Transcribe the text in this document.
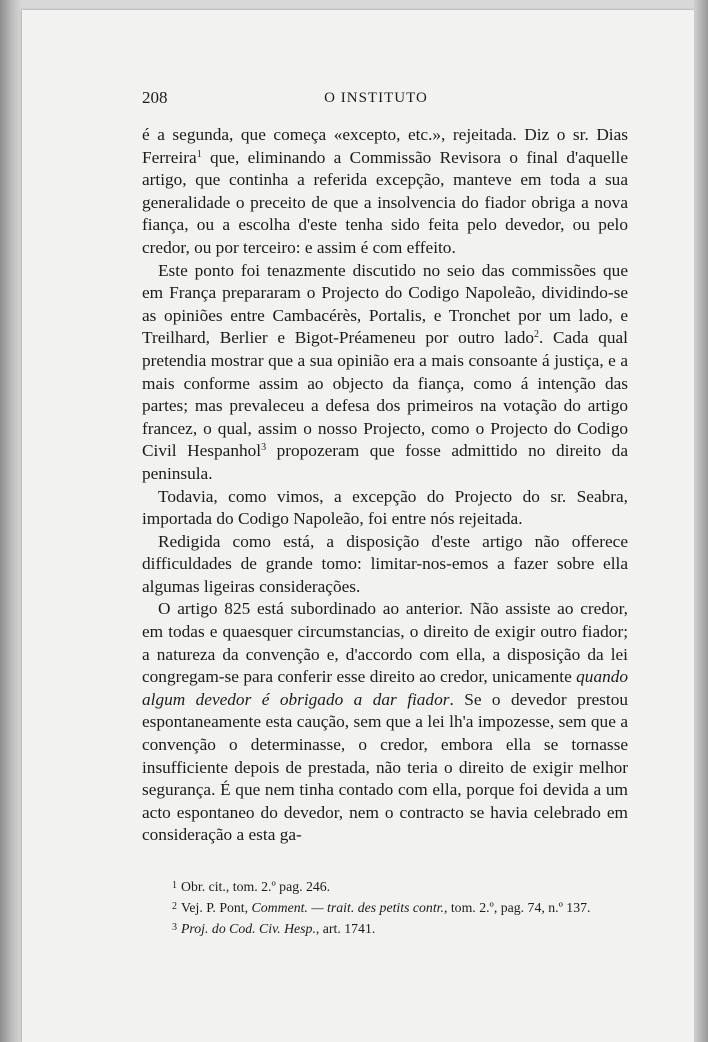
208	O INSTITUTO

é a segunda, que começa «excepto, etc.», rejeitada. Diz o sr. Dias Ferreira$^1$ que, eliminando a Commissão Revisora o final d'aquelle artigo, que continha a referida excepção, manteve em toda a sua generalidade o preceito de que a insolvencia do fiador obriga a nova fiança, ou a escolha d'este tenha sido feita pelo devedor, ou pelo credor, ou por terceiro: e assim é com effeito.

Este ponto foi tenazmente discutido no seio das commissões que em França prepararam o Projecto do Codigo Napoleão, dividindo-se as opiniões entre Cambacérès, Portalis, e Tronchet por um lado, e Treilhard, Berlier e Bigot-Préameneu por outro lado$^2$. Cada qual pretendia mostrar que a sua opinião era a mais consoante á justiça, e a mais conforme assim ao objecto da fiança, como á intenção das partes; mas prevaleceu a defesa dos primeiros na votação do artigo francez, o qual, assim o nosso Projecto, como o Projecto do Codigo Civil Hespanhol$^3$ propozeram que fosse admittido no direito da peninsula.

Todavia, como vimos, a excepção do Projecto do sr. Seabra, importada do Codigo Napoleão, foi entre nós rejeitada.

Redigida como está, a disposição d'este artigo não offerece difficuldades de grande tomo: limitar-nos-emos a fazer sobre ella algumas ligeiras considerações.

O artigo 825 está subordinado ao anterior. Não assiste ao credor, em todas e quaesquer circumstancias, o direito de exigir outro fiador; a natureza da convenção e, d'accordo com ella, a disposição da lei congregam-se para conferir esse direito ao credor, unicamente quando algum devedor é obrigado a dar fiador. Se o devedor prestou espontaneamente esta caução, sem que a lei lh'a impozesse, sem que a convenção o determinasse, o credor, embora ella se tornasse insufficiente depois de prestada, não teria o direito de exigir melhor segurança. É que nem tinha contado com ella, porque foi devida a um acto espontaneo do devedor, nem o contracto se havia celebrado em consideração a esta ga-

$^1$ Obr. cit., tom. 2.º pag. 246.

$^2$ Vej. P. Pont, Comment. — trait. des petits contr., tom. 2.º, pag. 74, n.º 137.

$^3$ Proj. do Cod. Civ. Hesp., art. 1741.
